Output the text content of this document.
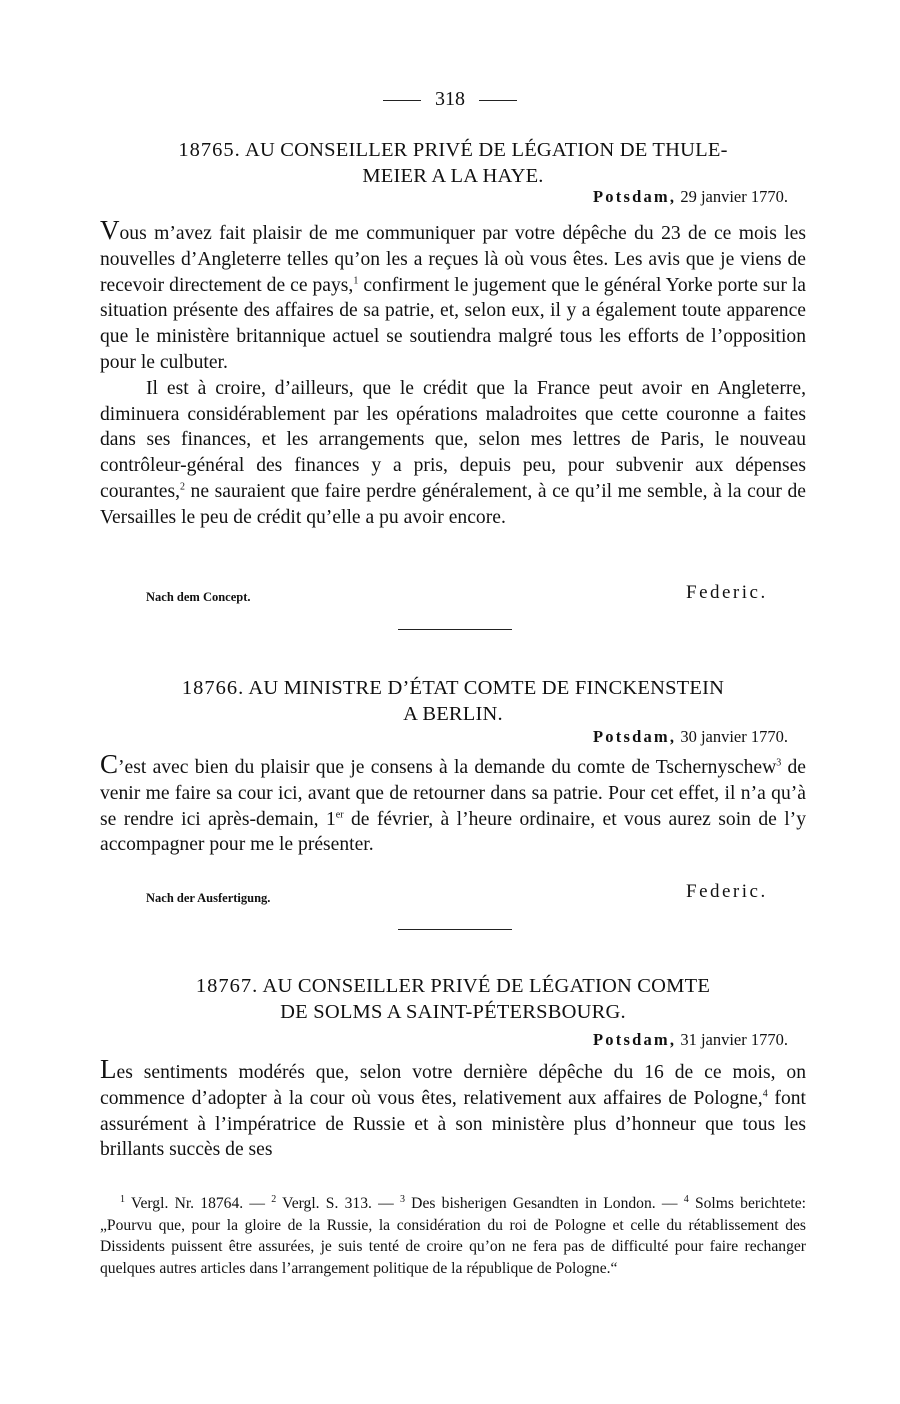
318
18765. AU CONSEILLER PRIVÉ DE LÉGATION DE THULE-
MEIER A LA HAYE.
Potsdam, 29 janvier 1770.

Vous m’avez fait plaisir de me communiquer par votre dépêche du 23 de ce mois les nouvelles d’Angleterre telles qu’on les a reçues là où vous êtes. Les avis que je viens de recevoir directement de ce pays,$^1$ confirment le jugement que le général Yorke porte sur la situation présente des affaires de sa patrie, et, selon eux, il y a également toute apparence que le ministère britannique actuel se soutiendra malgré tous les efforts de l’opposition pour le culbuter.

Il est à croire, d’ailleurs, que le crédit que la France peut avoir en Angleterre, diminuera considérablement par les opérations maladroites que cette couronne a faites dans ses finances, et les arrangements que, selon mes lettres de Paris, le nouveau contrôleur-général des finances y a pris, depuis peu, pour subvenir aux dépenses courantes,$^2$ ne sauraient que faire perdre généralement, à ce qu’il me semble, à la cour de Versailles le peu de crédit qu’elle a pu avoir encore.

Nach dem Concept.	Federic.
18766. AU MINISTRE D’ÉTAT COMTE DE FINCKENSTEIN
A BERLIN.
Potsdam, 30 janvier 1770.

C’est avec bien du plaisir que je consens à la demande du comte de Tschernyschew$^3$ de venir me faire sa cour ici, avant que de retourner dans sa patrie. Pour cet effet, il n’a qu’à se rendre ici après-demain, 1er de février, à l’heure ordinaire, et vous aurez soin de l’y accompagner pour me le présenter.

Nach der Ausfertigung.	Federic.
18767. AU CONSEILLER PRIVÉ DE LÉGATION COMTE
DE SOLMS A SAINT-PÉTERSBOURG.
Potsdam, 31 janvier 1770.

Les sentiments modérés que, selon votre dernière dépêche du 16 de ce mois, on commence d’adopter à la cour où vous êtes, relativement aux affaires de Pologne,$^4$ font assurément à l’impératrice de Russie et à son ministère plus d’honneur que tous les brillants succès de ses

$^1$ Vergl. Nr. 18764. — $^2$ Vergl. S. 313. — $^3$ Des bisherigen Gesandten in London. — $^4$ Solms berichtete: „Pourvu que, pour la gloire de la Russie, la considération du roi de Pologne et celle du rétablissement des Dissidents puissent être assurées, je suis tenté de croire qu’on ne fera pas de difficulté pour faire rechanger quelques autres articles dans l’arrangement politique de la république de Pologne.“
